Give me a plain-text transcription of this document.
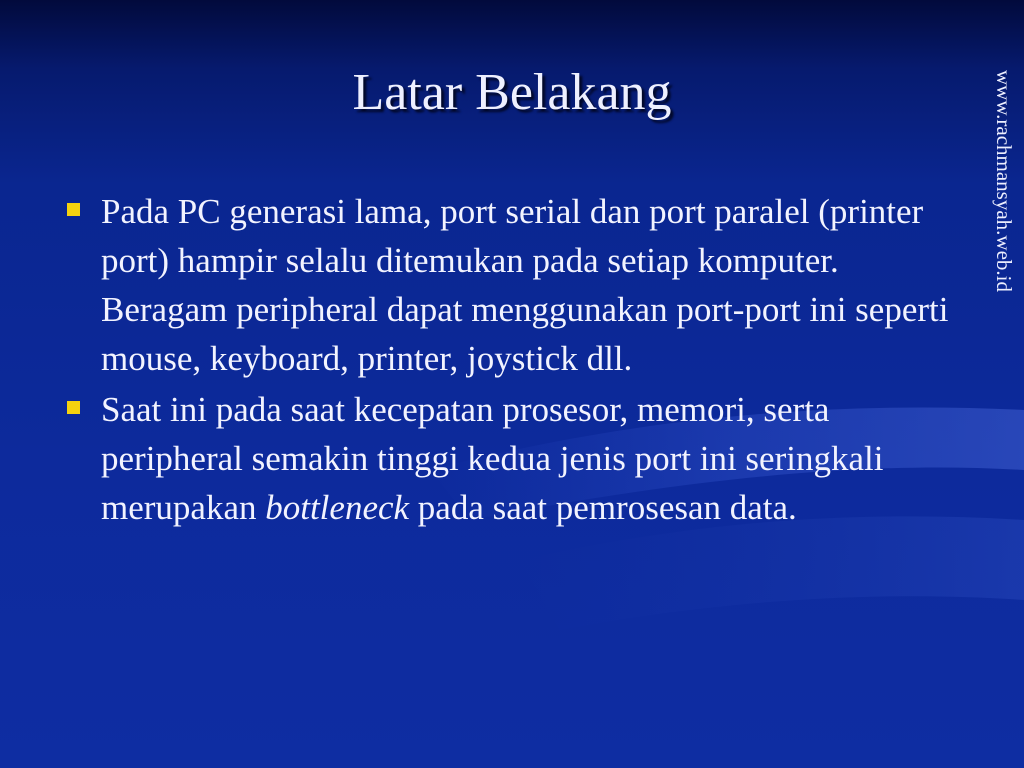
Latar Belakang	www.rachmansyah.web.id
Pada PC generasi lama, port serial dan port paralel (printer port) hampir selalu ditemukan pada setiap komputer. Beragam peripheral dapat menggunakan port-port ini seperti mouse, keyboard, printer, joystick dll.
Saat ini pada saat kecepatan prosesor, memori, serta peripheral semakin tinggi kedua jenis port ini seringkali merupakan bottleneck pada saat pemrosesan data.
